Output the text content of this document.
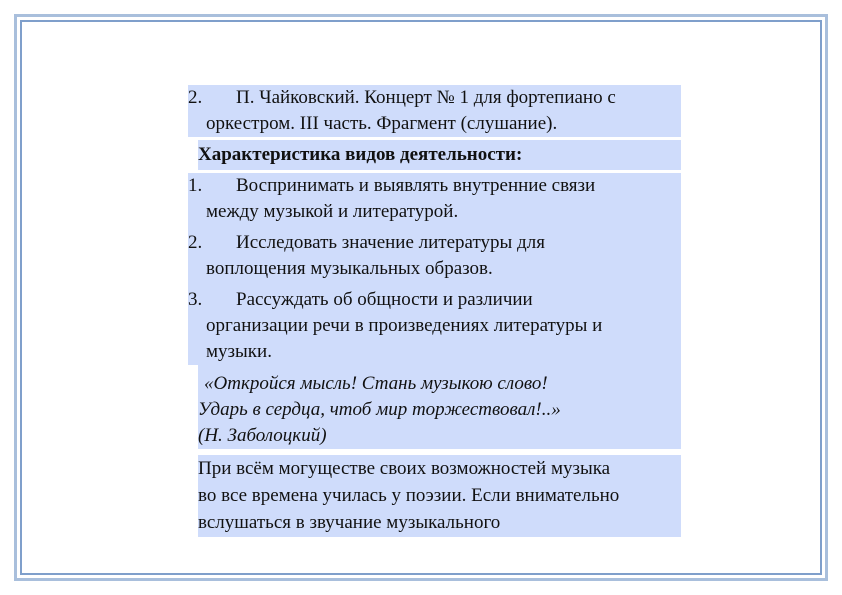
2.	П. Чайковский. Концерт № 1 для фортепиано с
оркестром. III часть. Фрагмент (слушание).
Характеристика видов деятельности:
1.	Воспринимать и выявлять внутренние связи
между музыкой и литературой.
2.	Исследовать значение литературы для
воплощения музыкальных образов.
3.	Рассуждать об общности и различии
организации речи в произведениях литературы и
музыки.
«Откройся мысль! Стань музыкою слово!
Ударь в сердца, чтоб мир торжествовал!..»
(Н. Заболоцкий)
При всём могуществе своих возможностей музыка
во все времена училась у поэзии. Если внимательно
вслушаться в звучание музыкального
